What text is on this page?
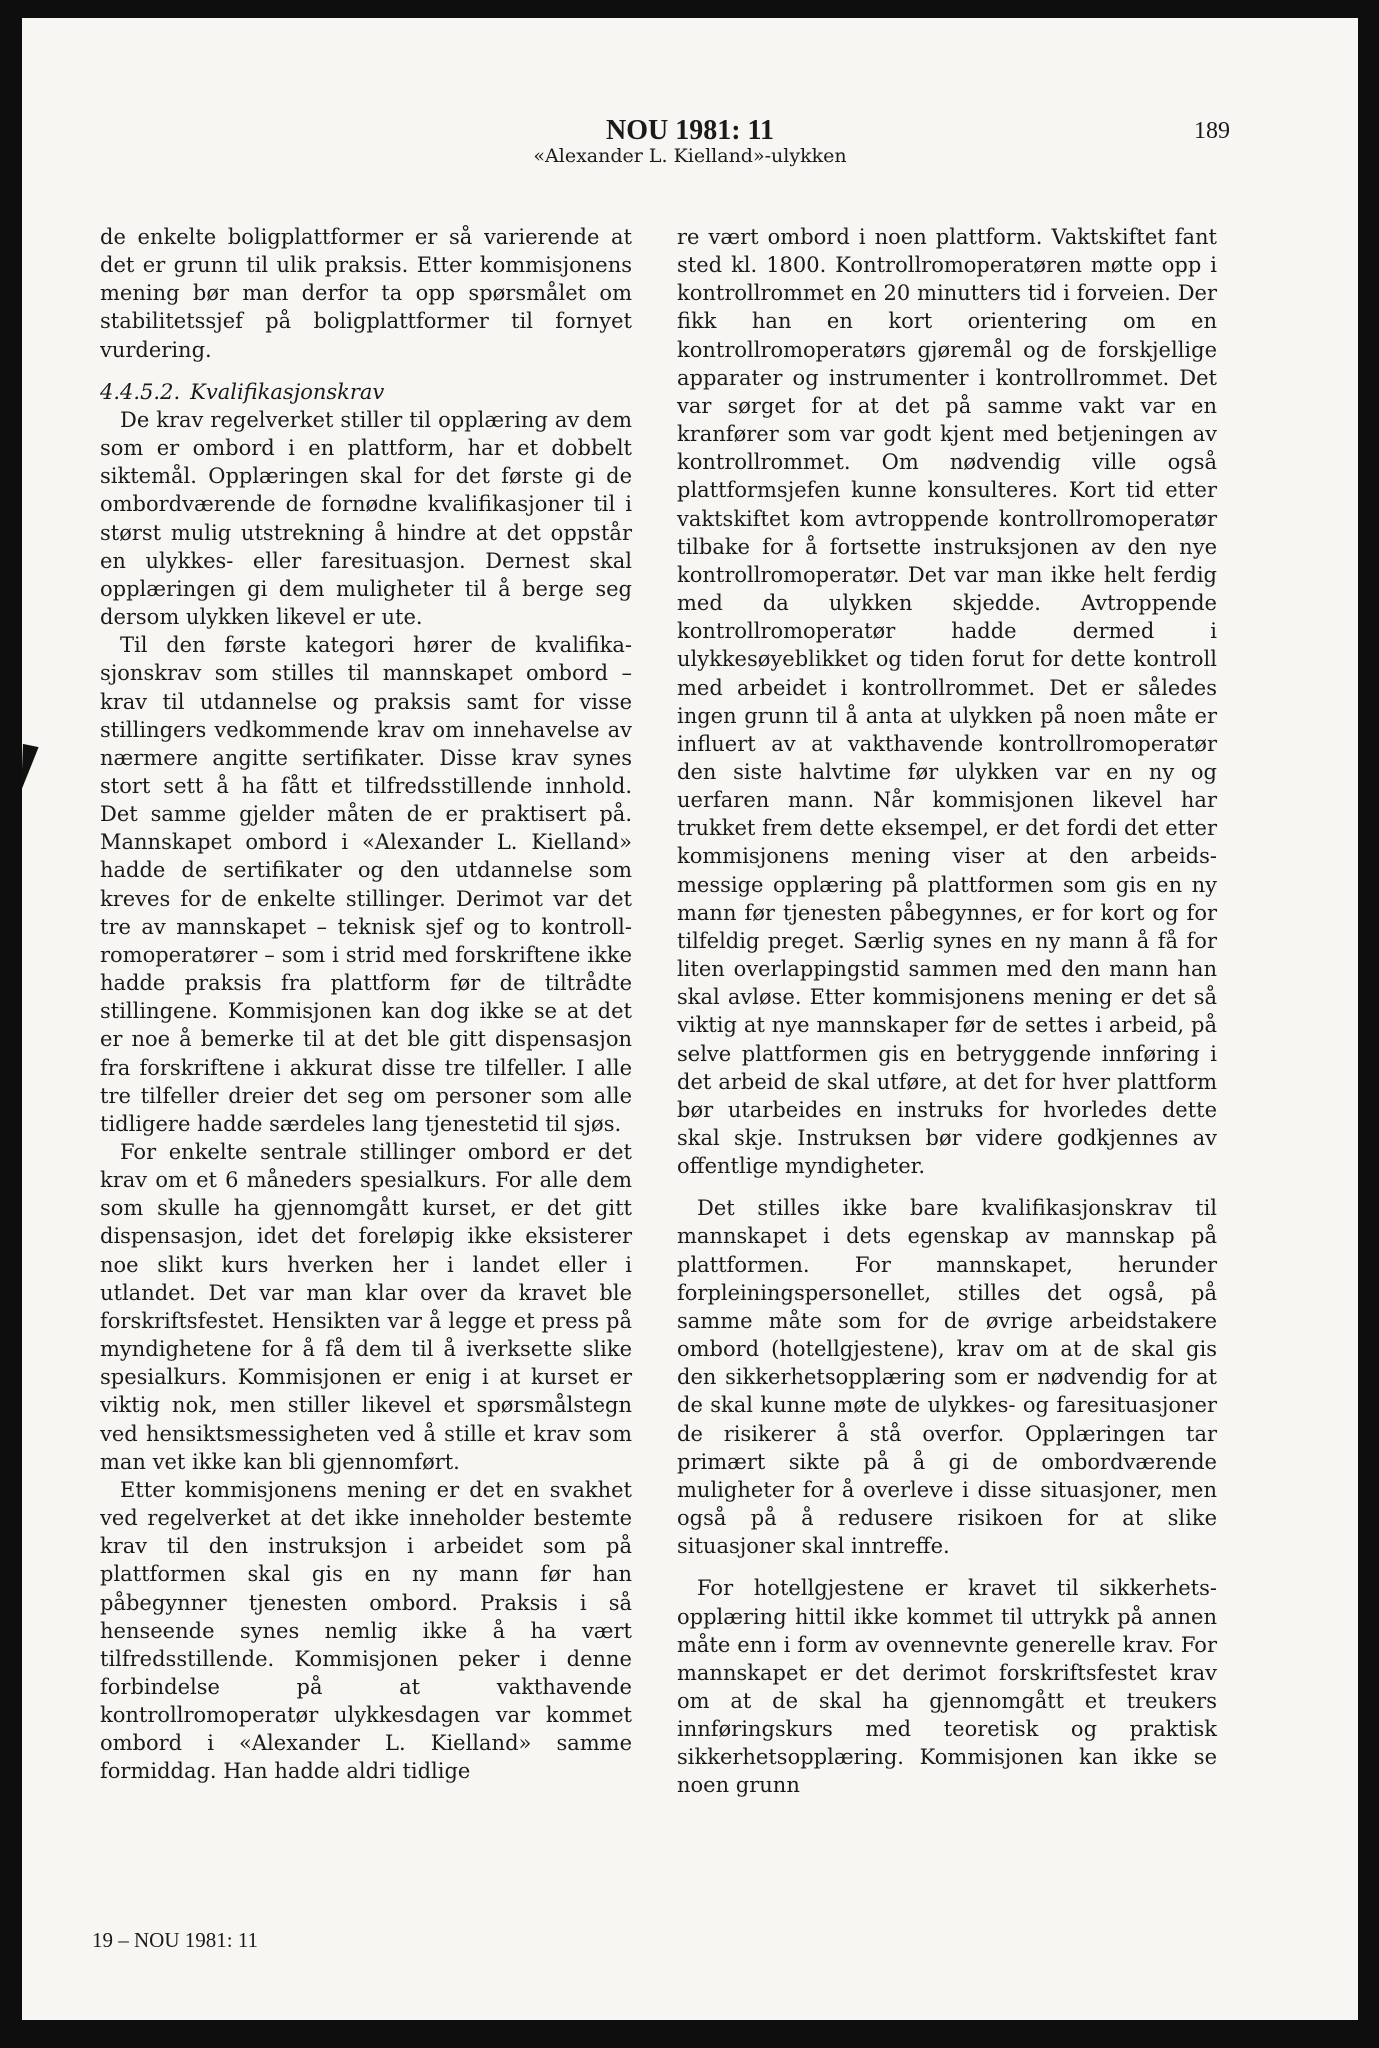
NOU 1981: 11
«Alexander L. Kielland»-ulykken
189

de enkelte boligplattformer er så varierende at det er grunn til ulik praksis. Etter kommisjonens mening bør man derfor ta opp spørsmålet om stabilitetssjef på boligplattformer til fornyet vurdering.

4.4.5.2. Kvalifikasjonskrav

De krav regelverket stiller til opplæring av dem som er ombord i en plattform, har et dobbelt siktemål. Opplæringen skal for det første gi de ombordværende de fornødne kvalifikasjoner til i størst mulig utstrekning å hindre at det oppstår en ulykkes- eller faresituasjon. Dernest skal opplæringen gi dem muligheter til å berge seg dersom ulykken likevel er ute.

Til den første kategori hører de kvalifikasjonskrav som stilles til mannskapet ombord – krav til utdannelse og praksis samt for visse stillingers vedkommende krav om innehavelse av nærmere angitte sertifikater. Disse krav synes stort sett å ha fått et tilfredsstillende innhold. Det samme gjelder måten de er praktisert på. Mannskapet ombord i «Alexander L. Kielland» hadde de sertifikater og den utdannelse som kreves for de enkelte stillinger. Derimot var det tre av mannskapet – teknisk sjef og to kontrollromoperatører – som i strid med forskriftene ikke hadde praksis fra plattform før de tiltrådte stillingene. Kommisjonen kan dog ikke se at det er noe å bemerke til at det ble gitt dispensasjon fra forskriftene i akkurat disse tre tilfeller. I alle tre tilfeller dreier det seg om personer som alle tidligere hadde særdeles lang tjenestetid til sjøs.

For enkelte sentrale stillinger ombord er det krav om et 6 måneders spesialkurs. For alle dem som skulle ha gjennomgått kurset, er det gitt dispensasjon, idet det foreløpig ikke eksisterer noe slikt kurs hverken her i landet eller i utlandet. Det var man klar over da kravet ble forskriftsfestet. Hensikten var å legge et press på myndighetene for å få dem til å iverksette slike spesialkurs. Kommisjonen er enig i at kurset er viktig nok, men stiller likevel et spørsmålstegn ved hensiktsmessigheten ved å stille et krav som man vet ikke kan bli gjennomført.

Etter kommisjonens mening er det en svakhet ved regelverket at det ikke inneholder bestemte krav til den instruksjon i arbeidet som på plattformen skal gis en ny mann før han påbegynner tjenesten ombord. Praksis i så henseende synes nemlig ikke å ha vært tilfredsstillende. Kommisjonen peker i denne forbindelse på at vakthavende kontrollromoperatør ulykkesdagen var kommet ombord i «Alexander L. Kielland» samme formiddag. Han hadde aldri tidlige

re vært ombord i noen plattform. Vaktskiftet fant sted kl. 1800. Kontrollromoperatøren møtte opp i kontrollrommet en 20 minutters tid i forveien. Der fikk han en kort orientering om en kontrollromoperatørs gjøremål og de forskjellige apparater og instrumenter i kontrollrommet. Det var sørget for at det på samme vakt var en kranfører som var godt kjent med betjeningen av kontrollrommet. Om nødvendig ville også plattformsjefen kunne konsulteres. Kort tid etter vaktskiftet kom avtroppende kontrollromoperatør tilbake for å fortsette instruksjonen av den nye kontrollromoperatør. Det var man ikke helt ferdig med da ulykken skjedde. Avtroppende kontrollromoperatør hadde dermed i ulykkesøyeblikket og tiden forut for dette kontroll med arbeidet i kontrollrommet. Det er således ingen grunn til å anta at ulykken på noen måte er influert av at vakthavende kontrollromoperatør den siste halvtime før ulykken var en ny og uerfaren mann. Når kommisjonen likevel har trukket frem dette eksempel, er det fordi det etter kommisjonens mening viser at den arbeidsmessige opplæring på plattformen som gis en ny mann før tjenesten påbegynnes, er for kort og for tilfeldig preget. Særlig synes en ny mann å få for liten overlappingstid sammen med den mann han skal avløse. Etter kommisjonens mening er det så viktig at nye mannskaper før de settes i arbeid, på selve plattformen gis en betryggende innføring i det arbeid de skal utføre, at det for hver plattform bør utarbeides en instruks for hvorledes dette skal skje. Instruksen bør videre godkjennes av offentlige myndigheter.

Det stilles ikke bare kvalifikasjonskrav til mannskapet i dets egenskap av mannskap på plattformen. For mannskapet, herunder forpleiningspersonellet, stilles det også, på samme måte som for de øvrige arbeidstakere ombord (hotellgjestene), krav om at de skal gis den sikkerhetsopplæring som er nødvendig for at de skal kunne møte de ulykkes- og faresituasjoner de risikerer å stå overfor. Opplæringen tar primært sikte på å gi de ombordværende muligheter for å overleve i disse situasjoner, men også på å redusere risikoen for at slike situasjoner skal inntreffe.

For hotellgjestene er kravet til sikkerhetsopplæring hittil ikke kommet til uttrykk på annen måte enn i form av ovennevnte generelle krav. For mannskapet er det derimot forskriftsfestet krav om at de skal ha gjennomgått et treukers innføringskurs med teoretisk og praktisk sikkerhetsopplæring. Kommisjonen kan ikke se noen grunn

19 – NOU 1981: 11
